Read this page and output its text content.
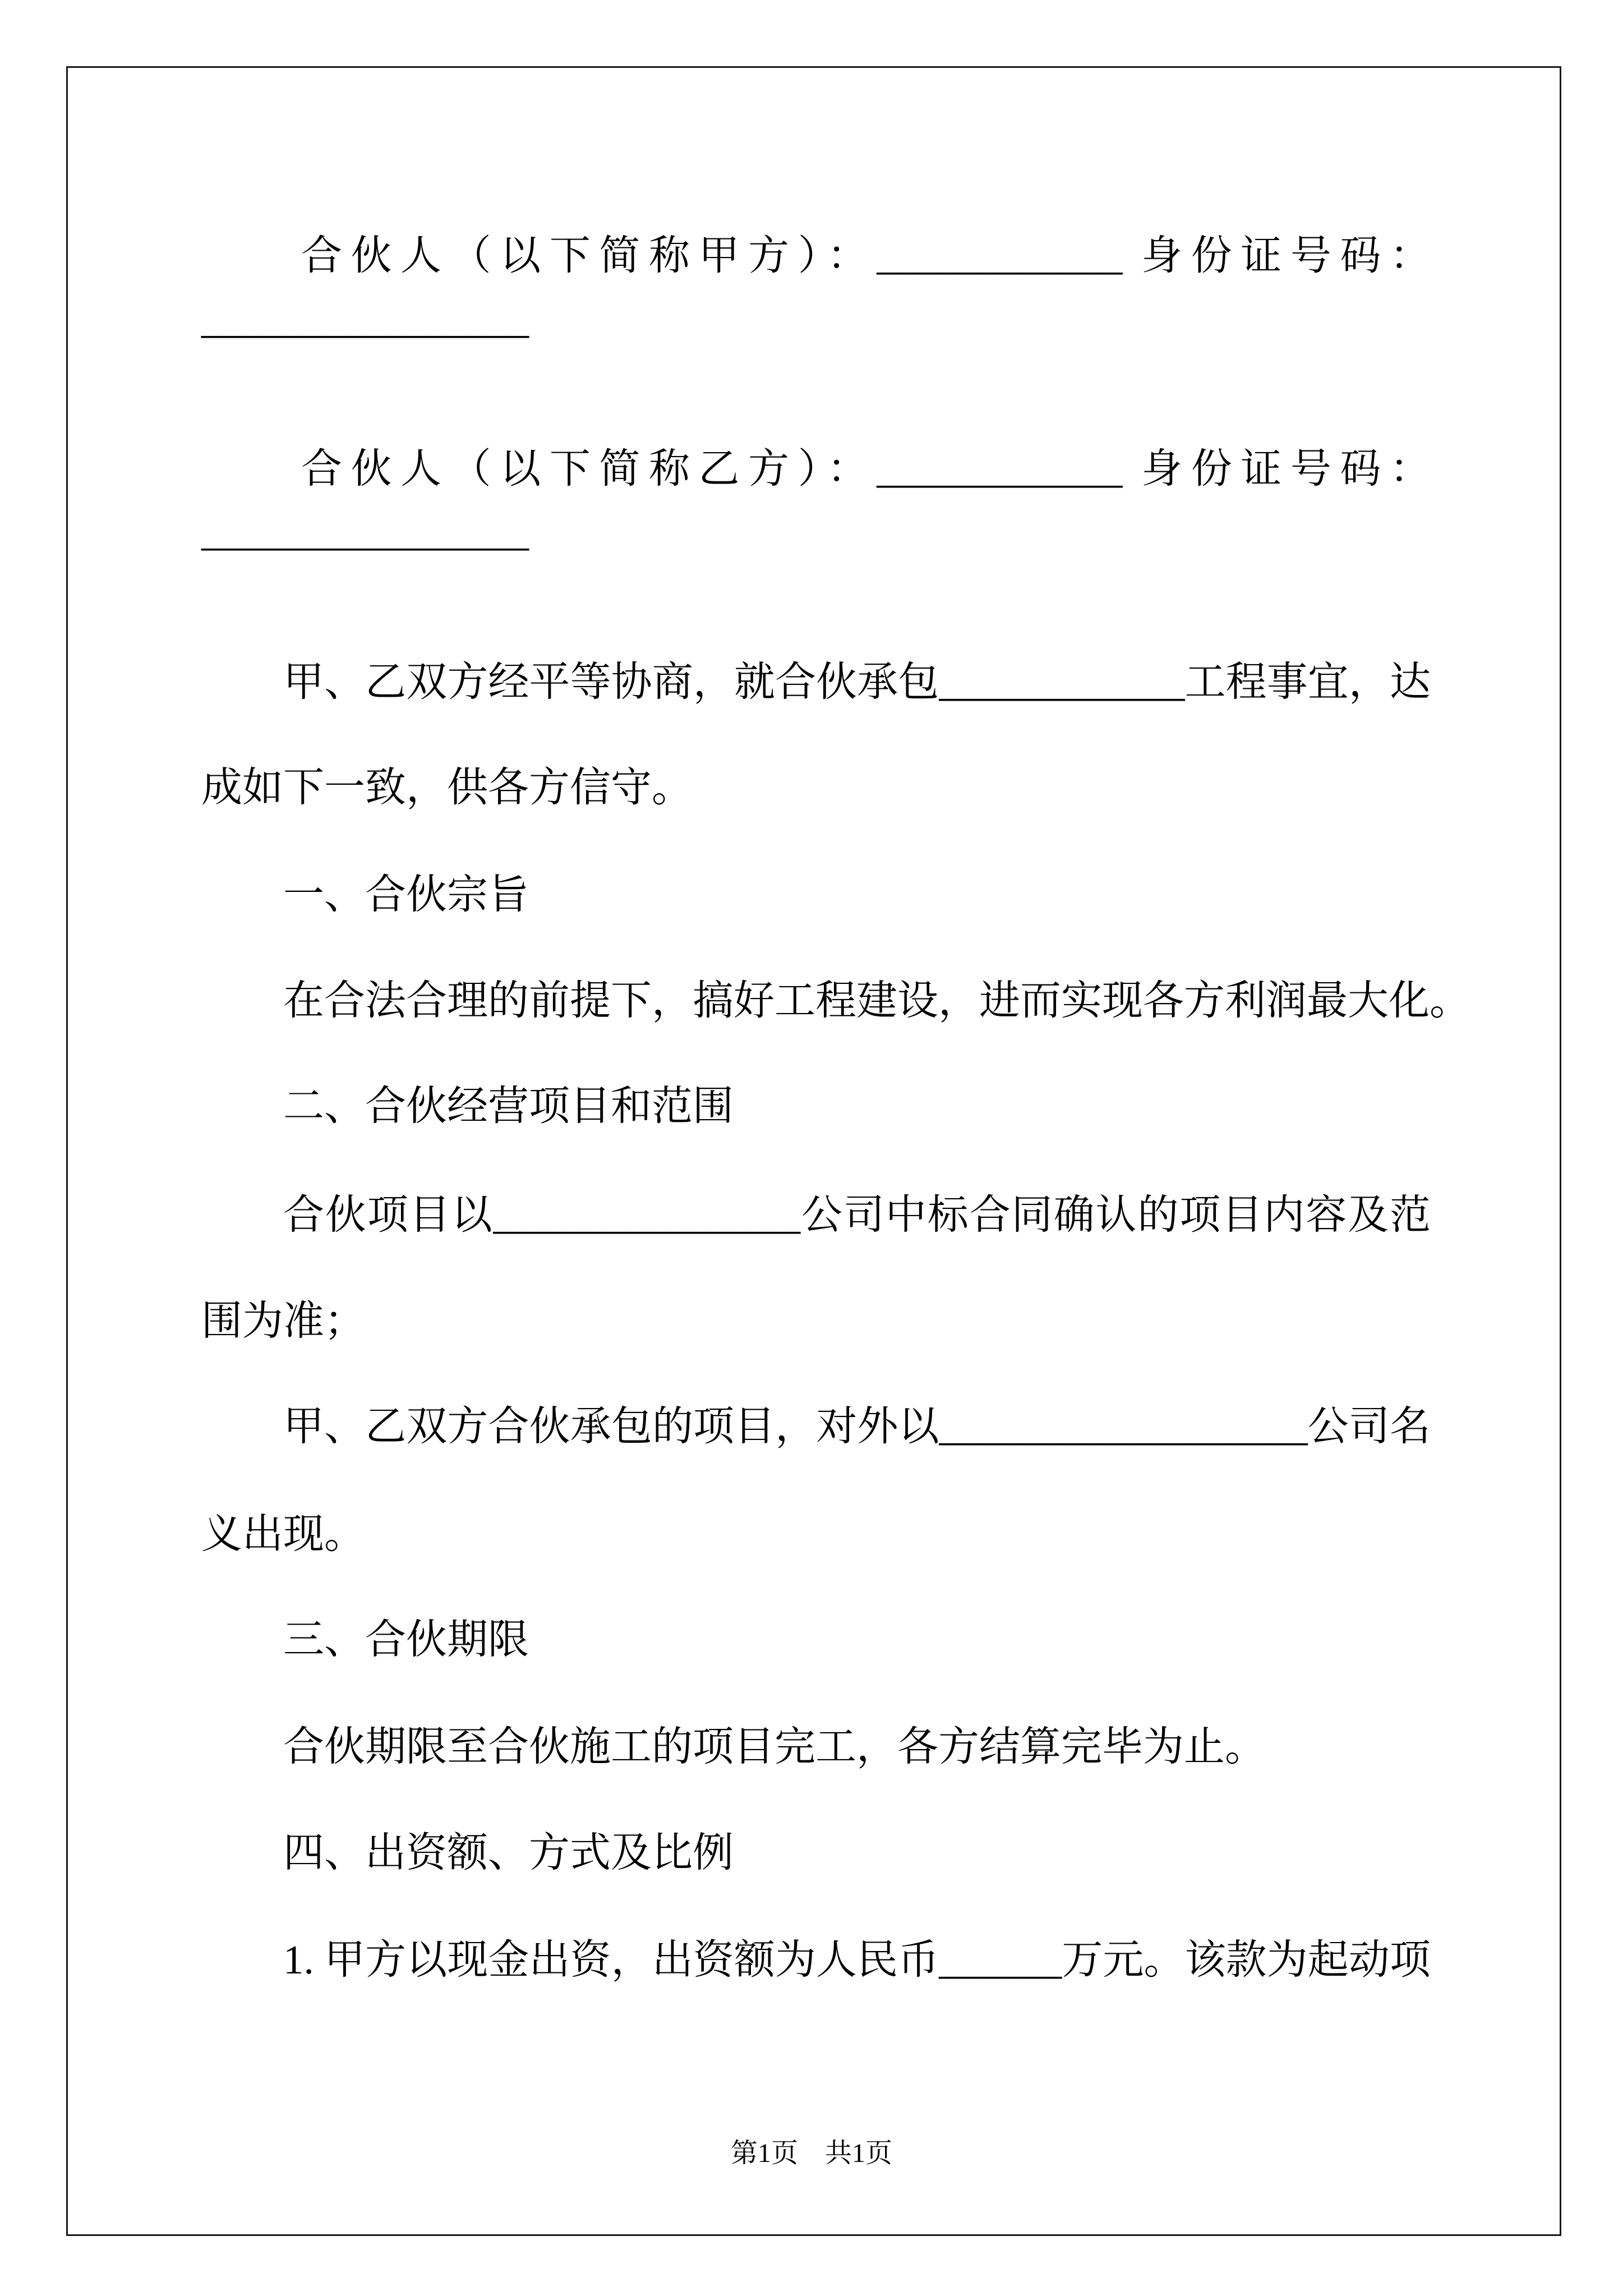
合伙人（以下简称甲方）：____________ 身份证号码：
________________
合伙人（以下简称乙方）：____________ 身份证号码：
________________
甲、乙双方经平等协商，就合伙承包____________工程事宜，达
成如下一致，供各方信守。
一、合伙宗旨
在合法合理的前提下，搞好工程建设，进而实现各方利润最大化。
二、合伙经营项目和范围
合伙项目以_______________公司中标合同确认的项目内容及范
围为准；
甲、乙双方合伙承包的项目，对外以__________________公司名
义出现。
三、合伙期限
合伙期限至合伙施工的项目完工，各方结算完毕为止。
四、出资额、方式及比例
1. 甲方以现金出资，出资额为人民币______万元。该款为起动项
第1页　共1页
